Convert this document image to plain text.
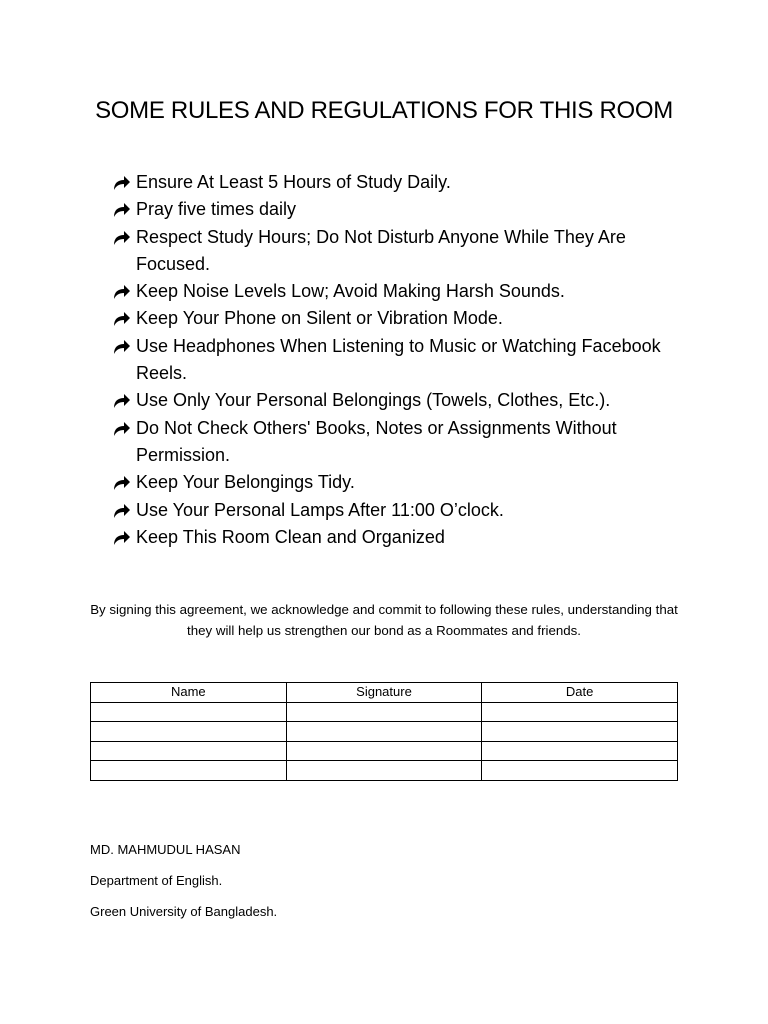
SOME RULES AND REGULATIONS FOR THIS ROOM
Ensure At Least 5 Hours of Study Daily.
Pray five times daily
Respect Study Hours; Do Not Disturb Anyone While They Are Focused.
Keep Noise Levels Low; Avoid Making Harsh Sounds.
Keep Your Phone on Silent or Vibration Mode.
Use Headphones When Listening to Music or Watching Facebook Reels.
Use Only Your Personal Belongings (Towels, Clothes, Etc.).
Do Not Check Others' Books, Notes or Assignments Without Permission.
Keep Your Belongings Tidy.
Use Your Personal Lamps After 11:00 O’clock.
Keep This Room Clean and Organized
By signing this agreement, we acknowledge and commit to following these rules, understanding that they will help us strengthen our bond as a Roommates and friends.
Name	Signature	Date

MD. MAHMUDUL HASAN
Department of English.
Green University of Bangladesh.
